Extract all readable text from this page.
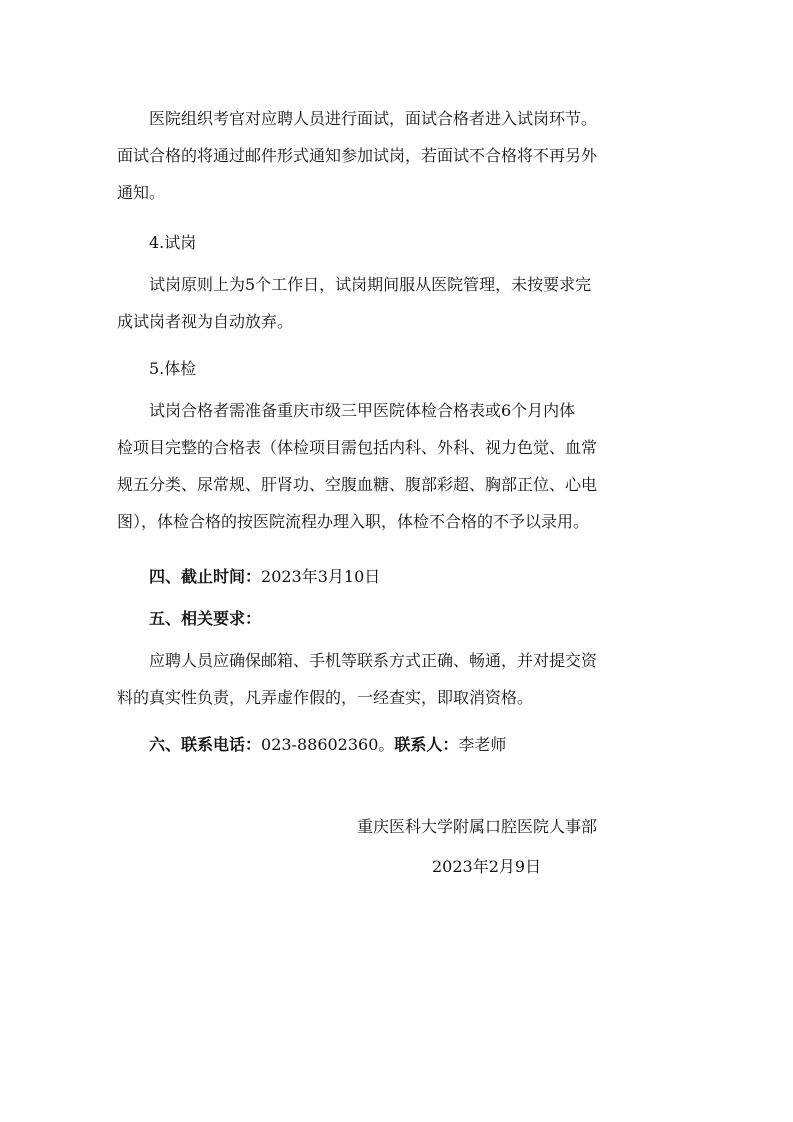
医院组织考官对应聘人员进行面试，面试合格者进入试岗环节。
面试合格的将通过邮件形式通知参加试岗，若面试不合格将不再另外
通知。
4.试岗
试岗原则上为5个工作日，试岗期间服从医院管理，未按要求完
成试岗者视为自动放弃。
5.体检
试岗合格者需准备重庆市级三甲医院体检合格表或6个月内体
检项目完整的合格表（体检项目需包括内科、外科、视力色觉、血常
规五分类、尿常规、肝肾功、空腹血糖、腹部彩超、胸部正位、心电
图），体检合格的按医院流程办理入职，体检不合格的不予以录用。
四、截止时间：2023年3月10日
五、相关要求：
应聘人员应确保邮箱、手机等联系方式正确、畅通，并对提交资
料的真实性负责，凡弄虚作假的，一经查实，即取消资格。
六、联系电话：023-88602360。联系人：李老师
重庆医科大学附属口腔医院人事部
2023年2月9日
